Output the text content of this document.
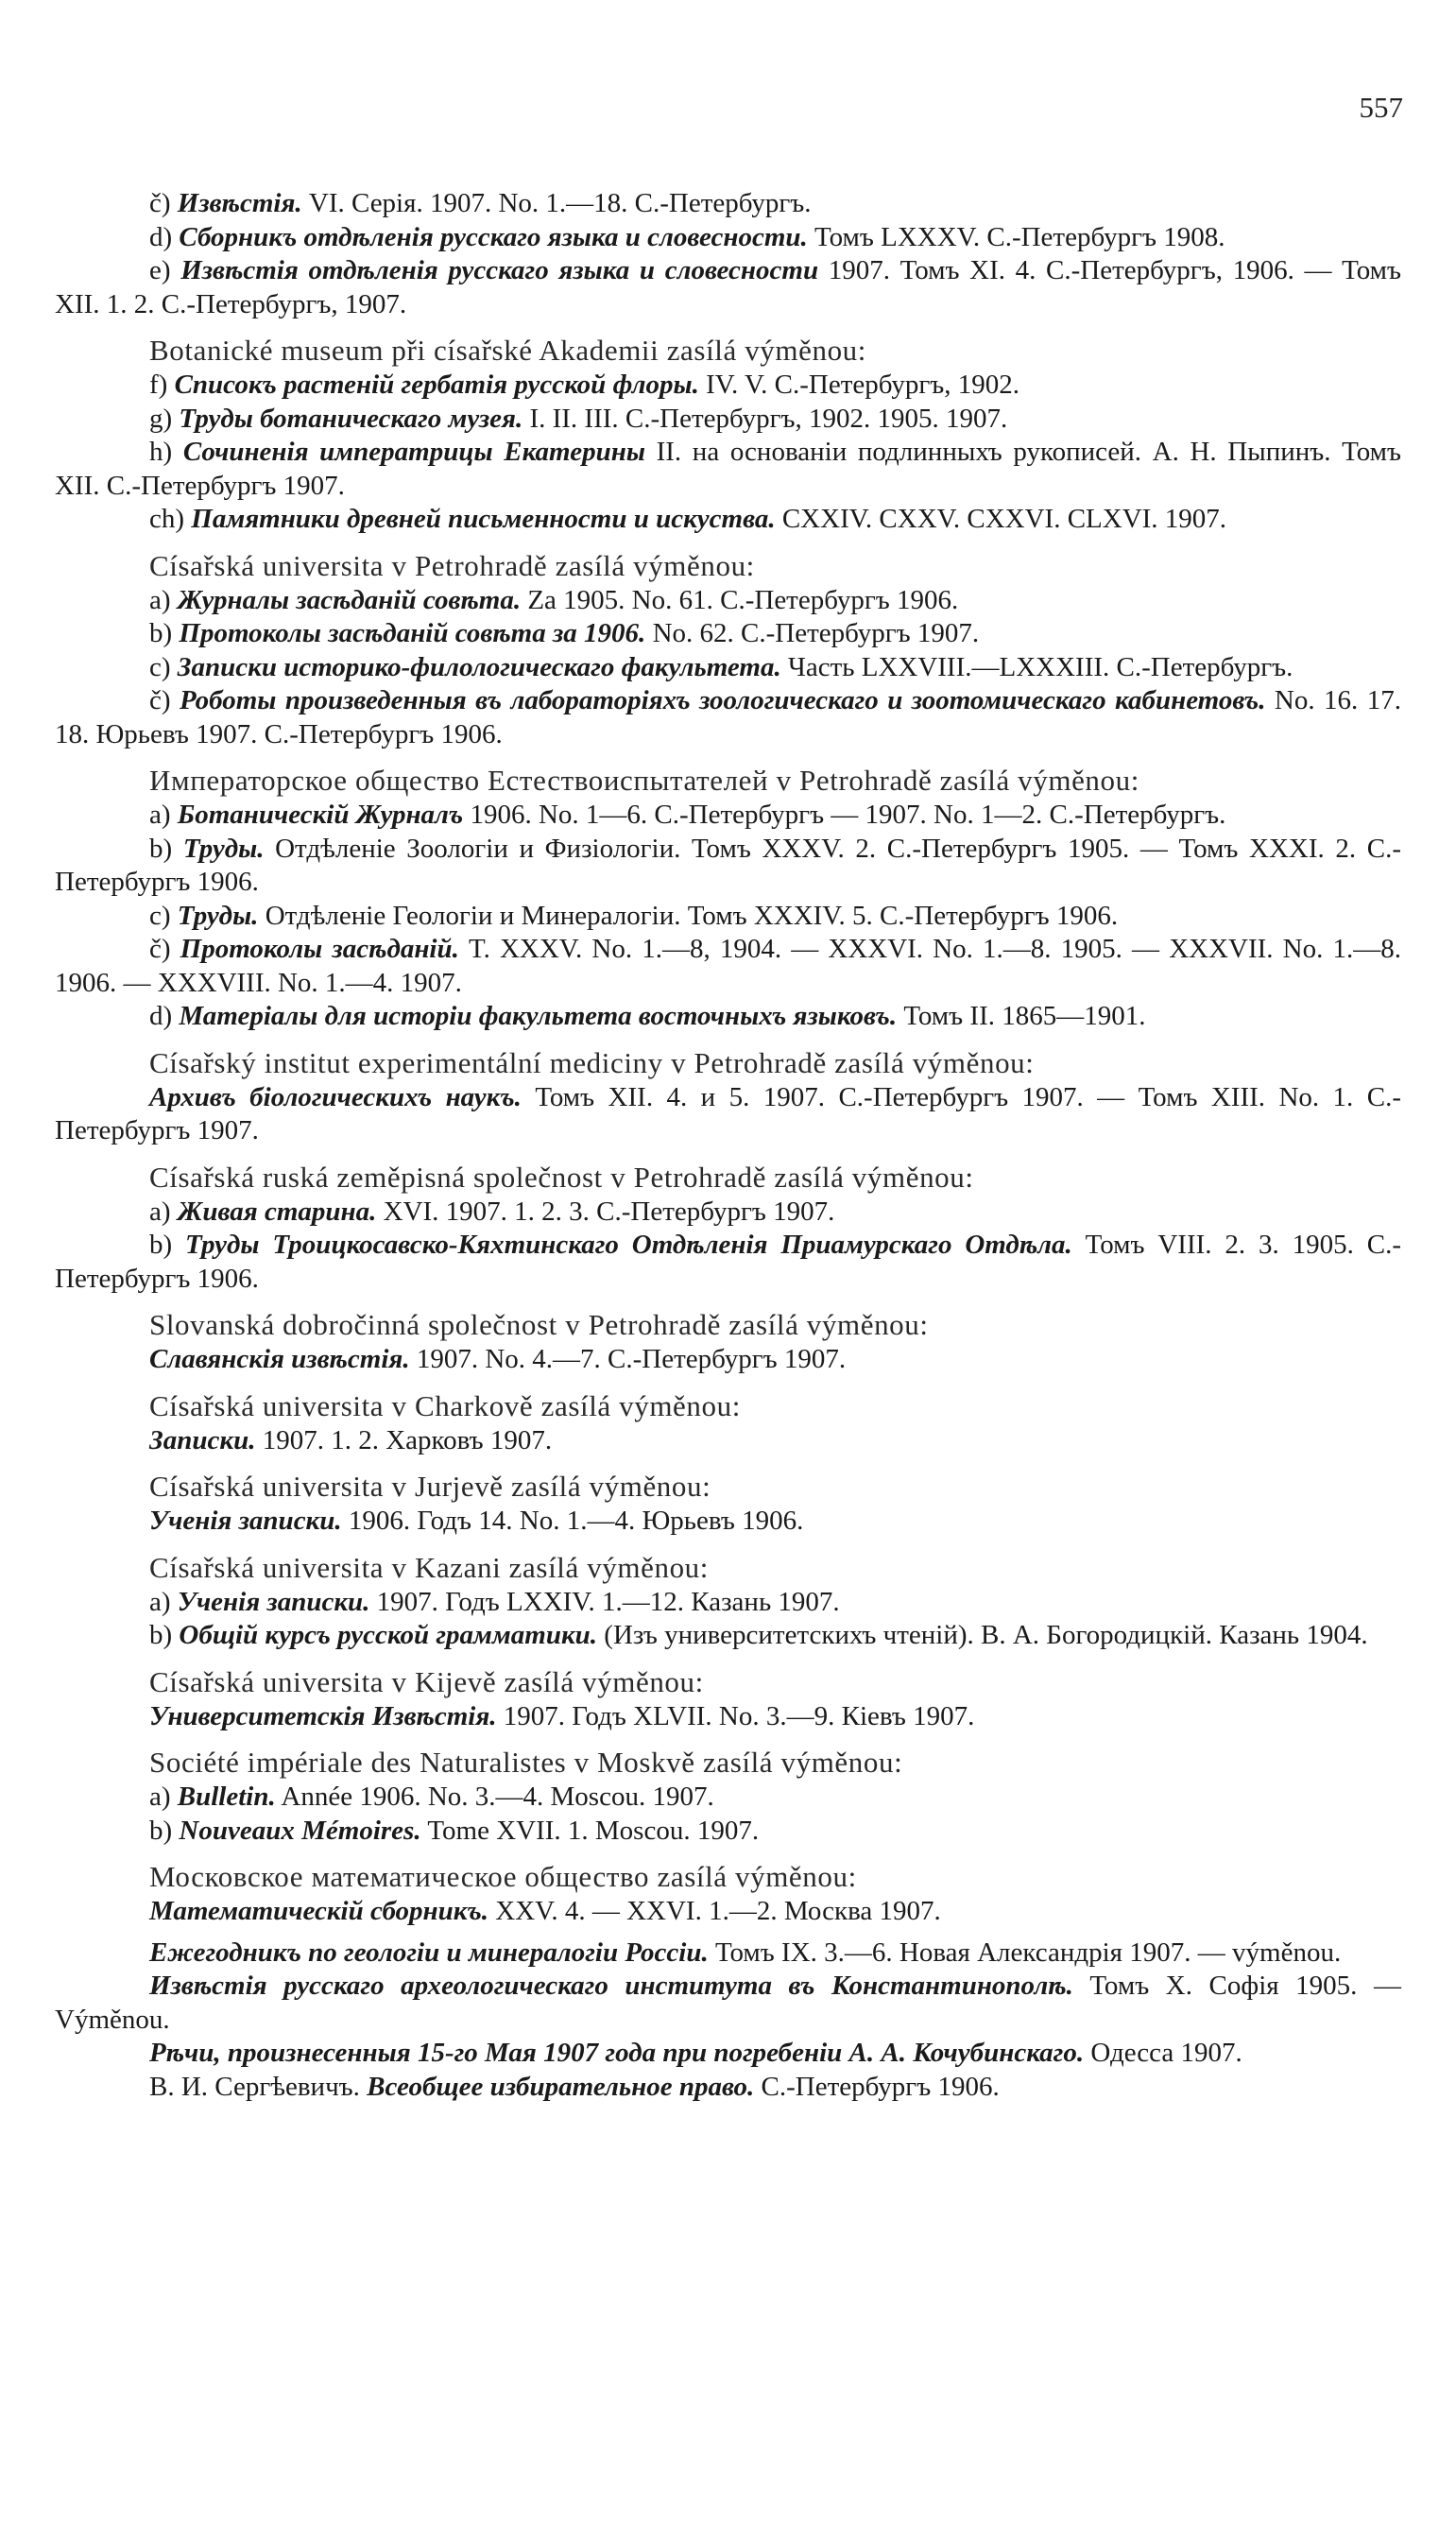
557
č) Извѣстія. VI. Серія. 1907. No. 1.—18. С.-Петербургъ.
d) Сборникъ отдѣленія русскаго языка и словесности. Томъ LXXXV. С.-Петербургъ 1908.
e) Извѣстія отдѣленія русскаго языка и словесности 1907. Томъ XI. 4. С.-Петербургъ, 1906. — Томъ XII. 1. 2. С.-Петербургъ, 1907.
Botanické museum při císařské Akademii zasílá výměnou:
f) Списокъ растеній гербатія русской флоры. IV. V. С.-Петербургъ, 1902.
g) Труды ботаническаго музея. I. II. III. С.-Петербургъ, 1902. 1905. 1907.
h) Сочиненія императрицы Екатерины II. на основаніи подлинныхъ рукописей. А. Н. Пыпинъ. Томъ XII. С.-Петербургъ 1907.
ch) Памятники древней письменности и искуства. CXXIV. CXXV. CXXVI. CLXVI. 1907.
Císařská universita v Petrohradě zasílá výměnou:
a) Журналы засѣданій совѣта. Za 1905. No. 61. С.-Петербургъ 1906.
b) Протоколы засѣданій совѣта за 1906. No. 62. С.-Петербургъ 1907.
c) Записки историко-филологическаго факультета. Часть LXXVIII.—LXXXIII. С.-Петербургъ.
č) Роботы произведенныя въ лабораторіяхъ зоологическаго и зоотомическаго кабинетовъ. No. 16. 17. 18. Юрьевъ 1907. С.-Петербургъ 1906.
Императорское общество Естествоиспытателей v Petrohradě zasílá výměnou:
a) Ботаническій Журналъ 1906. No. 1—6. С.-Петербургъ — 1907. No. 1—2. С.-Петербургъ.
b) Труды. Отдѣленіе Зоологіи и Физіологіи. Томъ XXXV. 2. С.-Петербургъ 1905. — Томъ XXXI. 2. С.-Петербургъ 1906.
c) Труды. Отдѣленіе Геологіи и Минералогіи. Томъ XXXIV. 5. С.-Петербургъ 1906.
č) Протоколы засѣданій. T. XXXV. No. 1.—8, 1904. — XXXVI. No. 1.—8. 1905. — XXXVII. No. 1.—8. 1906. — XXXVIII. No. 1.—4. 1907.
d) Матеріалы для исторіи факультета восточныхъ языковъ. Томъ II. 1865—1901.
Císařský institut experimentální mediciny v Petrohradě zasílá výměnou:
Архивъ біологическихъ наукъ. Томъ XII. 4. и 5. 1907. С.-Петербургъ 1907. — Томъ XIII. No. 1. С.-Петербургъ 1907.
Císařská ruská zeměpisná společnost v Petrohradě zasílá výměnou:
a) Живая старина. XVI. 1907. 1. 2. 3. С.-Петербургъ 1907.
b) Труды Троицкосавско-Кяхтинскаго Отдѣленія Приамурскаго Отдѣла. Томъ VIII. 2. 3. 1905. С.-Петербургъ 1906.
Slovanská dobročinná společnost v Petrohradě zasílá výměnou:
Славянскія извѣстія. 1907. No. 4.—7. С.-Петербургъ 1907.
Císařská universita v Charkově zasílá výměnou:
Записки. 1907. 1. 2. Харковъ 1907.
Císařská universita v Jurjevě zasílá výměnou:
Ученія записки. 1906. Годъ 14. No. 1.—4. Юрьевъ 1906.
Císařská universita v Kazani zasílá výměnou:
a) Ученія записки. 1907. Годъ LXXIV. 1.—12. Казань 1907.
b) Общій курсъ русской грамматики. (Изъ университетскихъ чтеній). В. А. Богородицкій. Казань 1904.
Císařská universita v Kijevě zasílá výměnou:
Университетскія Извѣстія. 1907. Годъ XLVII. No. 3.—9. Кіевъ 1907.
Société impériale des Naturalistes v Moskvě zasílá výměnou:
a) Bulletin. Année 1906. No. 3.—4. Moscou. 1907.
b) Nouveaux Mémoires. Tome XVII. 1. Moscou. 1907.
Московское математическое общество zasílá výměnou:
Математическій сборникъ. XXV. 4. — XXVI. 1.—2. Москва 1907.
Ежегодникъ по геологіи и минералогіи Россіи. Томъ IX. 3.—6. Новая Александрія 1907. — výměnou.
Извѣстія русскаго археологическаго института въ Константинополѣ. Томъ X. Софія 1905. — Výměnou.
Рѣчи, произнесенныя 15-го Мая 1907 года при погребеніи А. А. Кочубинскаго. Одесса 1907.
В. И. Сергѣевичъ. Всеобщее избирательное право. С.-Петербургъ 1906.
